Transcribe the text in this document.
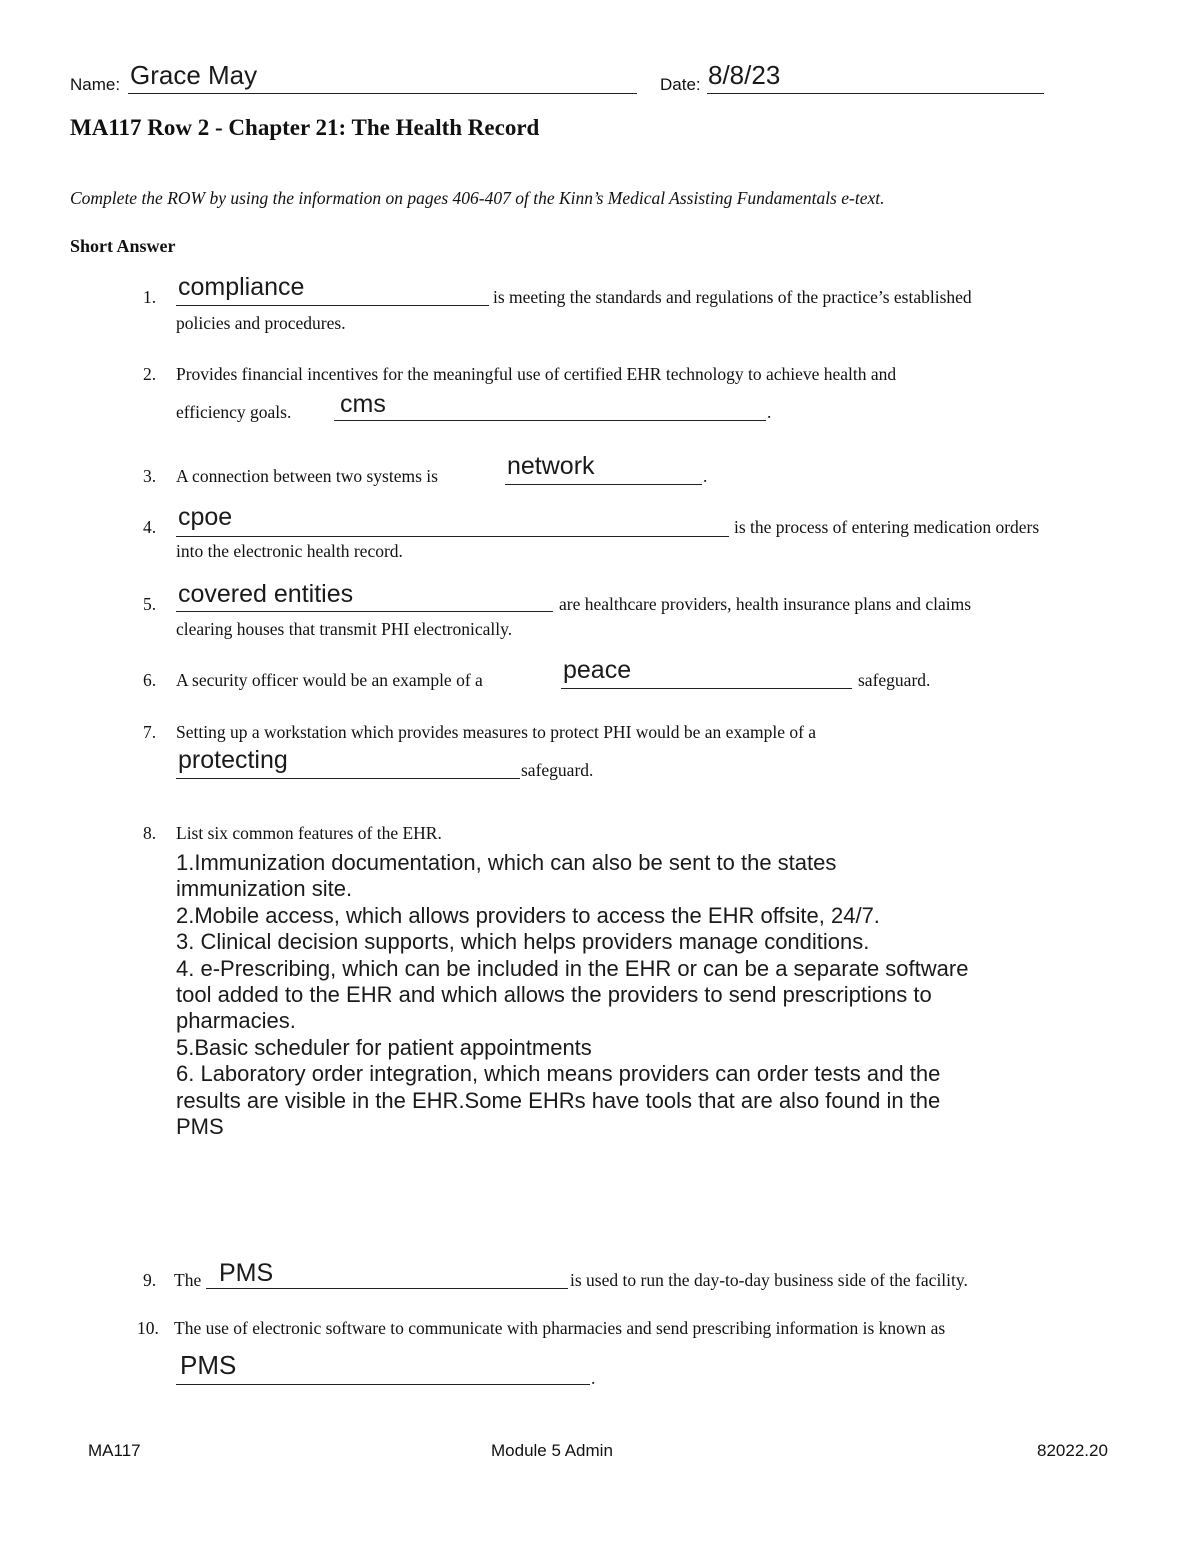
Name: Grace May	Date: 8/8/23
MA117 Row 2 - Chapter 21: The Health Record
Complete the ROW by using the information on pages 406-407 of the Kinn’s Medical Assisting Fundamentals e-text.
Short Answer
1. compliance	is meeting the standards and regulations of the practice’s established
policies and procedures.
2. Provides financial incentives for the meaningful use of certified EHR technology to achieve health and
efficiency goals. cms	.
3. A connection between two systems is	network	.
4. cpoe	is the process of entering medication orders
into the electronic health record.
5. covered entities	are healthcare providers, health insurance plans and claims
clearing houses that transmit PHI electronically.
6. A security officer would be an example of a	peace	safeguard.
7. Setting up a workstation which provides measures to protect PHI would be an example of a
protecting	safeguard.
8. List six common features of the EHR.
1.Immunization documentation, which can also be sent to the states
immunization site.
2.Mobile access, which allows providers to access the EHR offsite, 24/7.
3. Clinical decision supports, which helps providers manage conditions.
4. e-Prescribing, which can be included in the EHR or can be a separate software
tool added to the EHR and which allows the providers to send prescriptions to
pharmacies.
5.Basic scheduler for patient appointments
6. Laboratory order integration, which means providers can order tests and the
results are visible in the EHR.Some EHRs have tools that are also found in the
PMS
9. The PMS	is used to run the day-to-day business side of the facility.
10. The use of electronic software to communicate with pharmacies and send prescribing information is known as
PMS	.
MA117	Module 5 Admin	82022.20
